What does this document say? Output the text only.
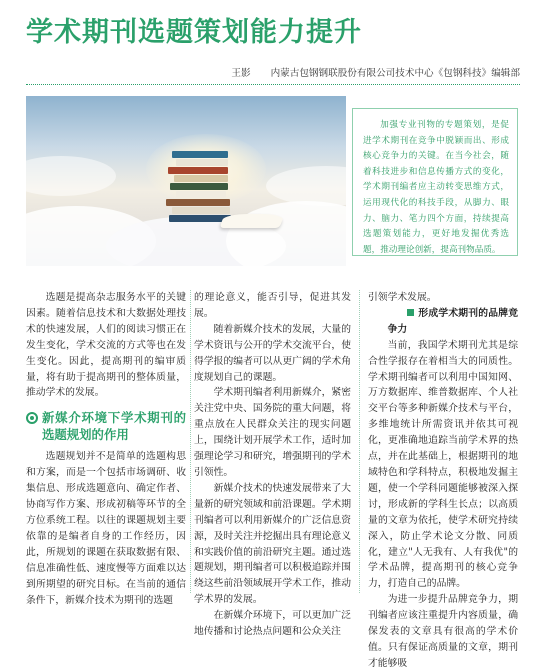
学术期刊选题策划能力提升
王影 内蒙古包钢钢联股份有限公司技术中心《包钢科技》编辑部

加强专业刊物的专题策划，是促进学术期刊在竞争中脱颖而出、形成核心竞争力的关键。在当今社会，随着科技进步和信息传播方式的变化，学术期刊编者应主动转变思维方式，运用现代化的科技手段，从脚力、眼力、脑力、笔力四个方面，持续提高选题策划能力，更好地发掘优秀选题，推动理论创新，提高刊物品质。

选题是提高杂志服务水平的关键因素。随着信息技术和大数据处理技术的快速发展，人们的阅读习惯正在发生变化，学术交流的方式等也在发生变化。因此，提高期刊的编审质量，将有助于提高期刊的整体质量，推动学术的发展。

新媒介环境下学术期刊的选题规划的作用

选题规划并不是简单的选题构思和方案，而是一个包括市场调研、收集信息、形成选题意向、确定作者、协商写作方案、形成初稿等环节的全方位系统工程。以往的课题规划主要依靠的是编者自身的工作经历，因此，所规划的课题在获取数据有限、信息准确性低、速度慢等方面难以达到所期望的研究目标。在当前的通信条件下，新媒介技术为期刊的选题

的理论意义，能否引导，促进其发展。

随着新媒介技术的发展，大量的学术资讯与公开的学术交流平台，使得学报的编者可以从更广阔的学术角度规划自己的课题。

学术期刊编者利用新媒介，紧密关注党中央、国务院的重大问题，将重点放在人民群众关注的现实问题上，围绕计划开展学术工作，适时加强理论学习和研究，增强期刊的学术引领性。

新媒介技术的快速发展带来了大量新的研究领域和前沿课题。学术期刊编者可以利用新媒介的广泛信息资源，及时关注并挖掘出具有理论意义和实践价值的前沿研究主题。通过选题规划，期刊编者可以积极追踪并围绕这些前沿领域展开学术工作，推动学术界的发展。

在新媒介环境下，可以更加广泛地传播和讨论热点问题和公众关注

引领学术发展。

形成学术期刊的品牌竞争力

当前，我国学术期刊尤其是综合性学报存在着相当大的同质性。学术期刊编者可以利用中国知网、万方数据库、维普数据库、个人社交平台等多种新媒介技术与平台，多维地统计所需资讯并依其可视化，更准确地追踪当前学术界的热点，并在此基础上，根据期刊的地域特色和学科特点，积极地发掘主题，使一个学科同题能够被深入探讨，形成新的学科生长点；以高质量的文章为依托，使学术研究持续深入，防止学术论文分散、同质化，建立"人无我有、人有我优"的学术品牌，提高期刊的核心竞争力，打造自己的品牌。

为进一步提升品牌竞争力，期刊编者应该注重提升内容质量，确保发表的文章具有很高的学术价值。只有保证高质量的文章，期刊才能够吸
